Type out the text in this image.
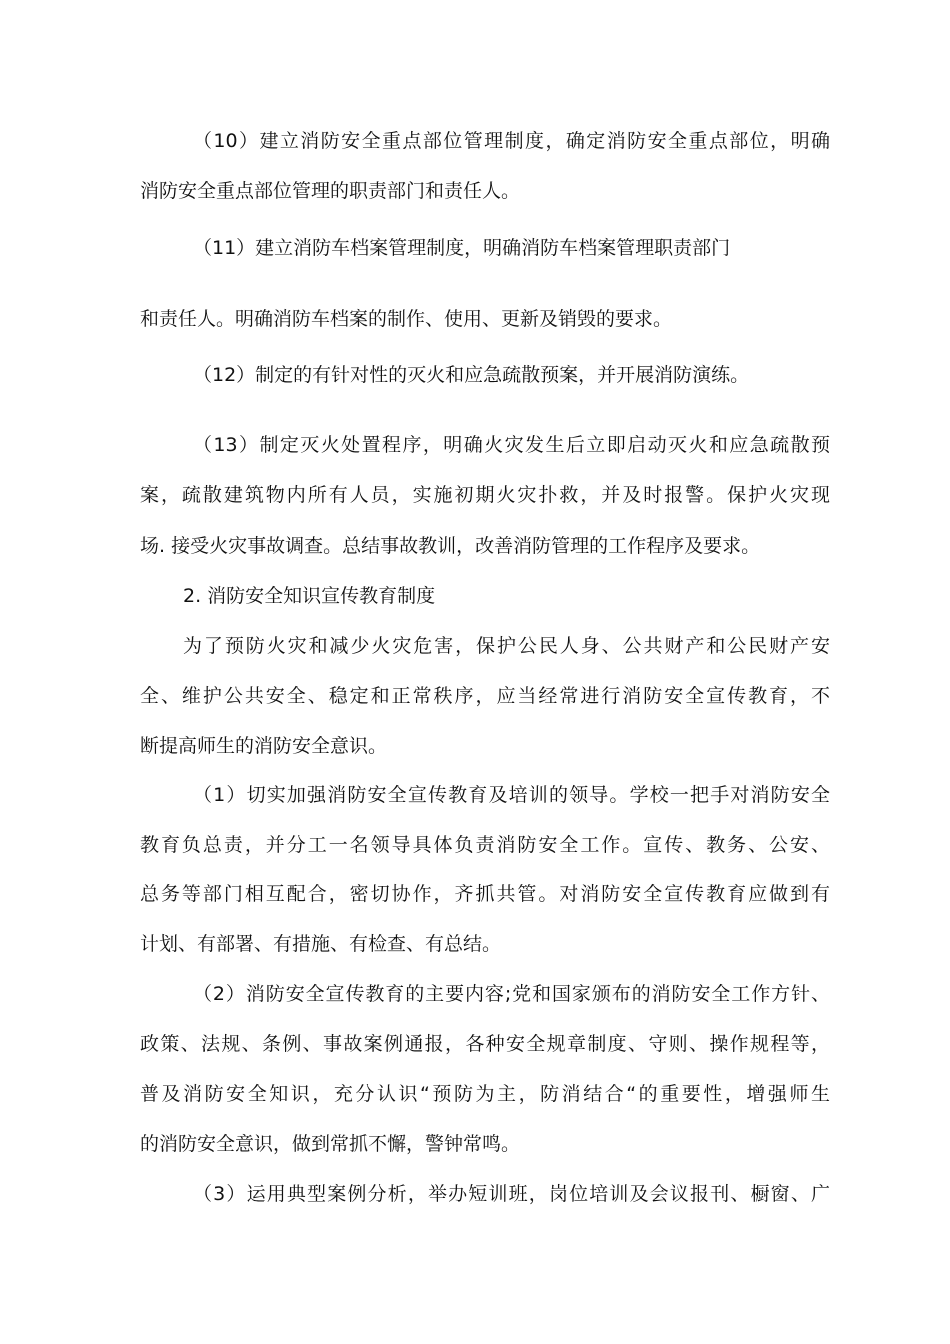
（10）建立消防安全重点部位管理制度，确定消防安全重点部位，明确

消防安全重点部位管理的职责部门和责任人。

（11）建立消防车档案管理制度，明确消防车档案管理职责部门

和责任人。明确消防车档案的制作、使用、更新及销毁的要求。

（12）制定的有针对性的灭火和应急疏散预案，并开展消防演练。

（13）制定灭火处置程序，明确火灾发生后立即启动灭火和应急疏散预

案，疏散建筑物内所有人员，实施初期火灾扑救，并及时报警。保护火灾现

场. 接受火灾事故调查。总结事故教训，改善消防管理的工作程序及要求。

2. 消防安全知识宣传教育制度

为了预防火灾和减少火灾危害，保护公民人身、公共财产和公民财产安

全、维护公共安全、稳定和正常秩序，应当经常进行消防安全宣传教育，不

断提高师生的消防安全意识。

（1）切实加强消防安全宣传教育及培训的领导。学校一把手对消防安全

教育负总责，并分工一名领导具体负责消防安全工作。宣传、教务、公安、

总务等部门相互配合，密切协作，齐抓共管。对消防安全宣传教育应做到有

计划、有部署、有措施、有检查、有总结。

（2）消防安全宣传教育的主要内容;党和国家颁布的消防安全工作方针、

政策、法规、条例、事故案例通报，各种安全规章制度、守则、操作规程等，

普及消防安全知识，充分认识“预防为主，防消结合“的重要性，增强师生

的消防安全意识，做到常抓不懈，警钟常鸣。

（3）运用典型案例分析，举办短训班，岗位培训及会议报刊、橱窗、广
